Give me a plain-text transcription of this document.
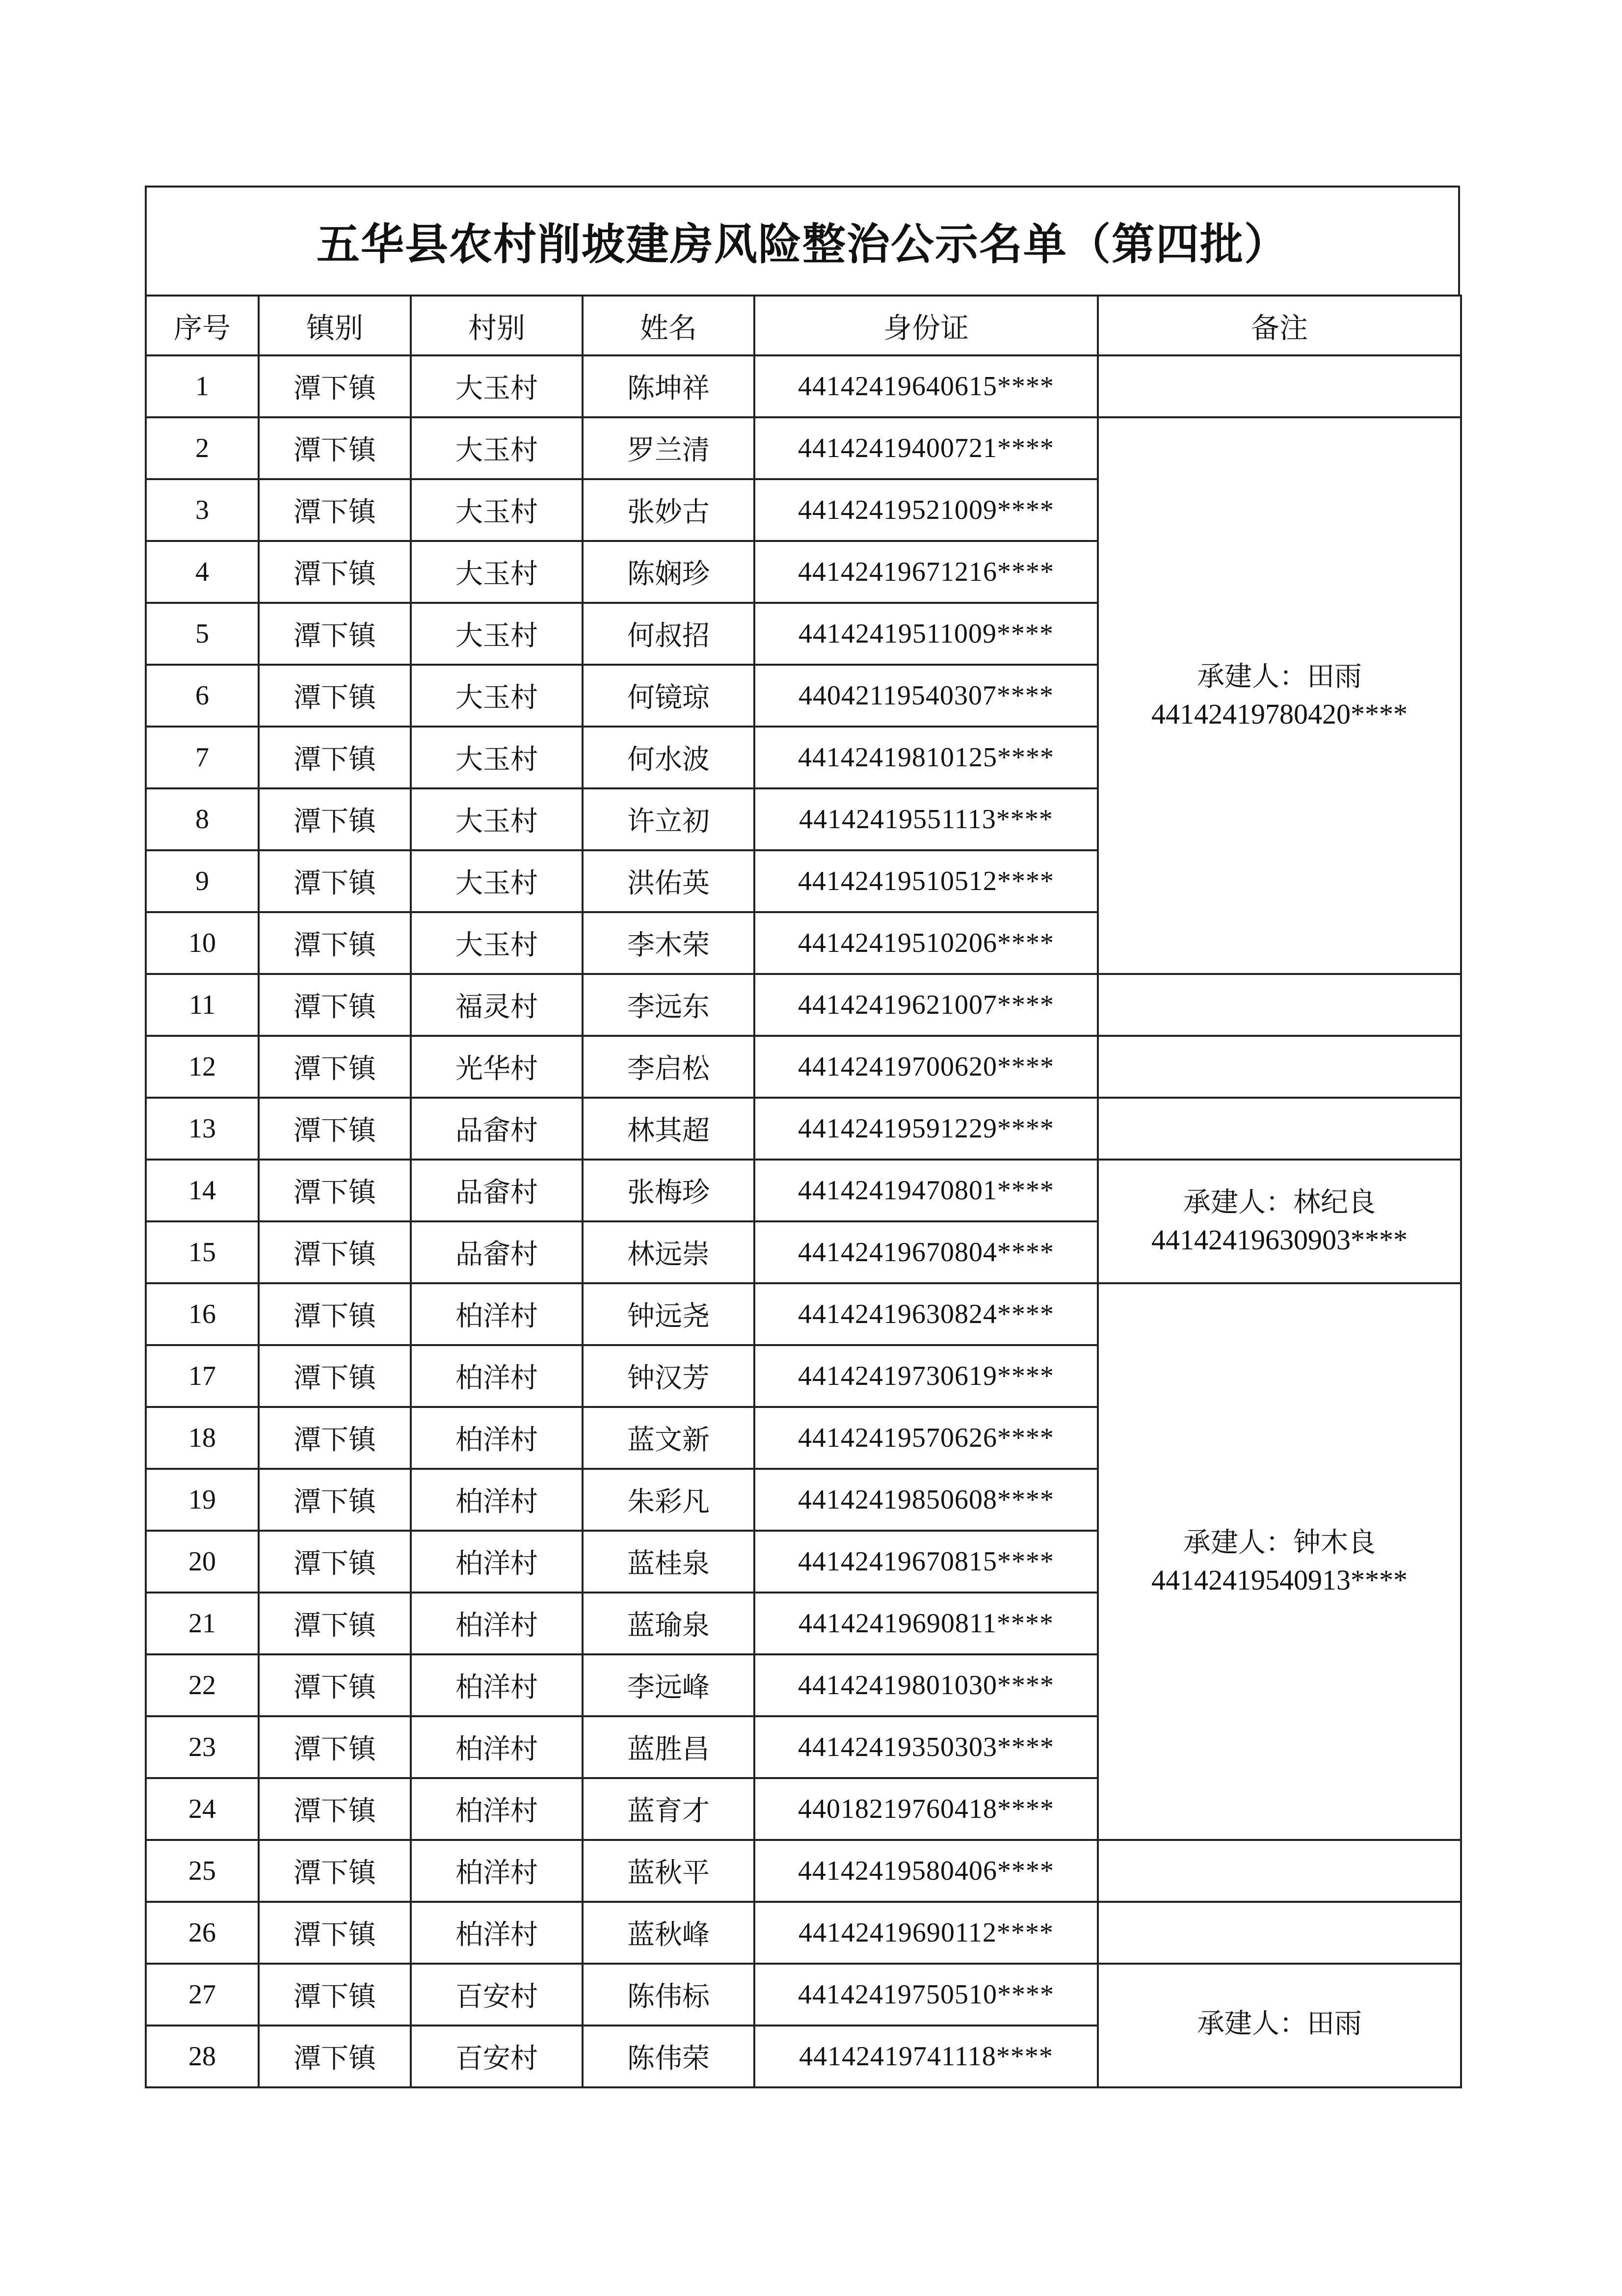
五华县农村削坡建房风险整治公示名单（第四批）
序号	镇别	村别	姓名	身份证	备注
1	潭下镇	大玉村	陈坤祥	44142419640615****	
2	潭下镇	大玉村	罗兰清	44142419400721****	承建人：田雨
44142419780420****

3	潭下镇	大玉村	张妙古	44142419521009****	
4	潭下镇	大玉村	陈娴珍	44142419671216****	
5	潭下镇	大玉村	何叔招	44142419511009****	
6	潭下镇	大玉村	何镜琼	44042119540307****	
7	潭下镇	大玉村	何水波	44142419810125****	
8	潭下镇	大玉村	许立初	44142419551113****	
9	潭下镇	大玉村	洪佑英	44142419510512****	
10	潭下镇	大玉村	李木荣	44142419510206****	
11	潭下镇	福灵村	李远东	44142419621007****	
12	潭下镇	光华村	李启松	44142419700620****	
13	潭下镇	品畲村	林其超	44142419591229****	
14	潭下镇	品畲村	张梅珍	44142419470801****	承建人：林纪良
44142419630903****

15	潭下镇	品畲村	林远崇	44142419670804****	
16	潭下镇	柏洋村	钟远尧	44142419630824****	承建人：钟木良
44142419540913****

17	潭下镇	柏洋村	钟汉芳	44142419730619****	
18	潭下镇	柏洋村	蓝文新	44142419570626****	
19	潭下镇	柏洋村	朱彩凡	44142419850608****	
20	潭下镇	柏洋村	蓝桂泉	44142419670815****	
21	潭下镇	柏洋村	蓝瑜泉	44142419690811****	
22	潭下镇	柏洋村	李远峰	44142419801030****	
23	潭下镇	柏洋村	蓝胜昌	44142419350303****	
24	潭下镇	柏洋村	蓝育才	44018219760418****	
25	潭下镇	柏洋村	蓝秋平	44142419580406****	
26	潭下镇	柏洋村	蓝秋峰	44142419690112****	
27	潭下镇	百安村	陈伟标	44142419750510****	承建人：田雨

28	潭下镇	百安村	陈伟荣	44142419741118****	
